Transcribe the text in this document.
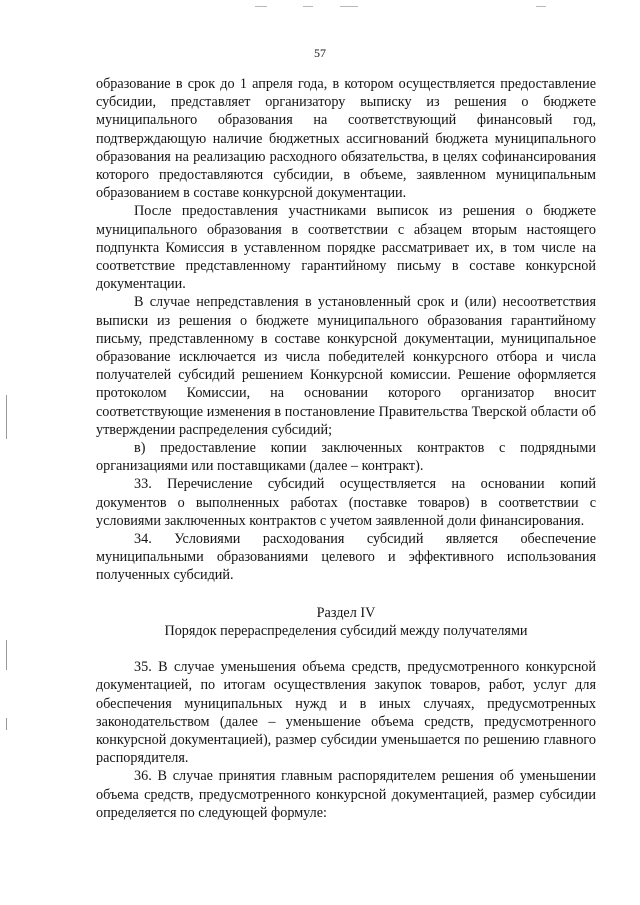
57

образование в срок до 1 апреля года, в котором осуществляется предоставление субсидии, представляет организатору выписку из решения о бюджете муниципального образования на соответствующий финансовый год, подтверждающую наличие бюджетных ассигнований бюджета муниципального образования на реализацию расходного обязательства, в целях софинансирования которого предоставляются субсидии, в объеме, заявленном муниципальным образованием в составе конкурсной документации.

После предоставления участниками выписок из решения о бюджете муниципального образования в соответствии с абзацем вторым настоящего подпункта Комиссия в уставленном порядке рассматривает их, в том числе на соответствие представленному гарантийному письму в составе конкурсной документации.

В случае непредставления в установленный срок и (или) несоответствия выписки из решения о бюджете муниципального образования гарантийному письму, представленному в составе конкурсной документации, муниципальное образование исключается из числа победителей конкурсного отбора и числа получателей субсидий решением Конкурсной комиссии. Решение оформляется протоколом Комиссии, на основании которого организатор вносит соответствующие изменения в постановление Правительства Тверской области об утверждении распределения субсидий;

в) предоставление копии заключенных контрактов с подрядными организациями или поставщиками (далее – контракт).

33. Перечисление субсидий осуществляется на основании копий документов о выполненных работах (поставке товаров) в соответствии с условиями заключенных контрактов с учетом заявленной доли финансирования.

34. Условиями расходования субсидий является обеспечение муниципальными образованиями целевого и эффективного использования полученных субсидий.

Раздел IV
Порядок перераспределения субсидий между получателями

35. В случае уменьшения объема средств, предусмотренного конкурсной документацией, по итогам осуществления закупок товаров, работ, услуг для обеспечения муниципальных нужд и в иных случаях, предусмотренных законодательством (далее – уменьшение объема средств, предусмотренного конкурсной документацией), размер субсидии уменьшается по решению главного распорядителя.

36. В случае принятия главным распорядителем решения об уменьшении объема средств, предусмотренного конкурсной документацией, размер субсидии определяется по следующей формуле:
